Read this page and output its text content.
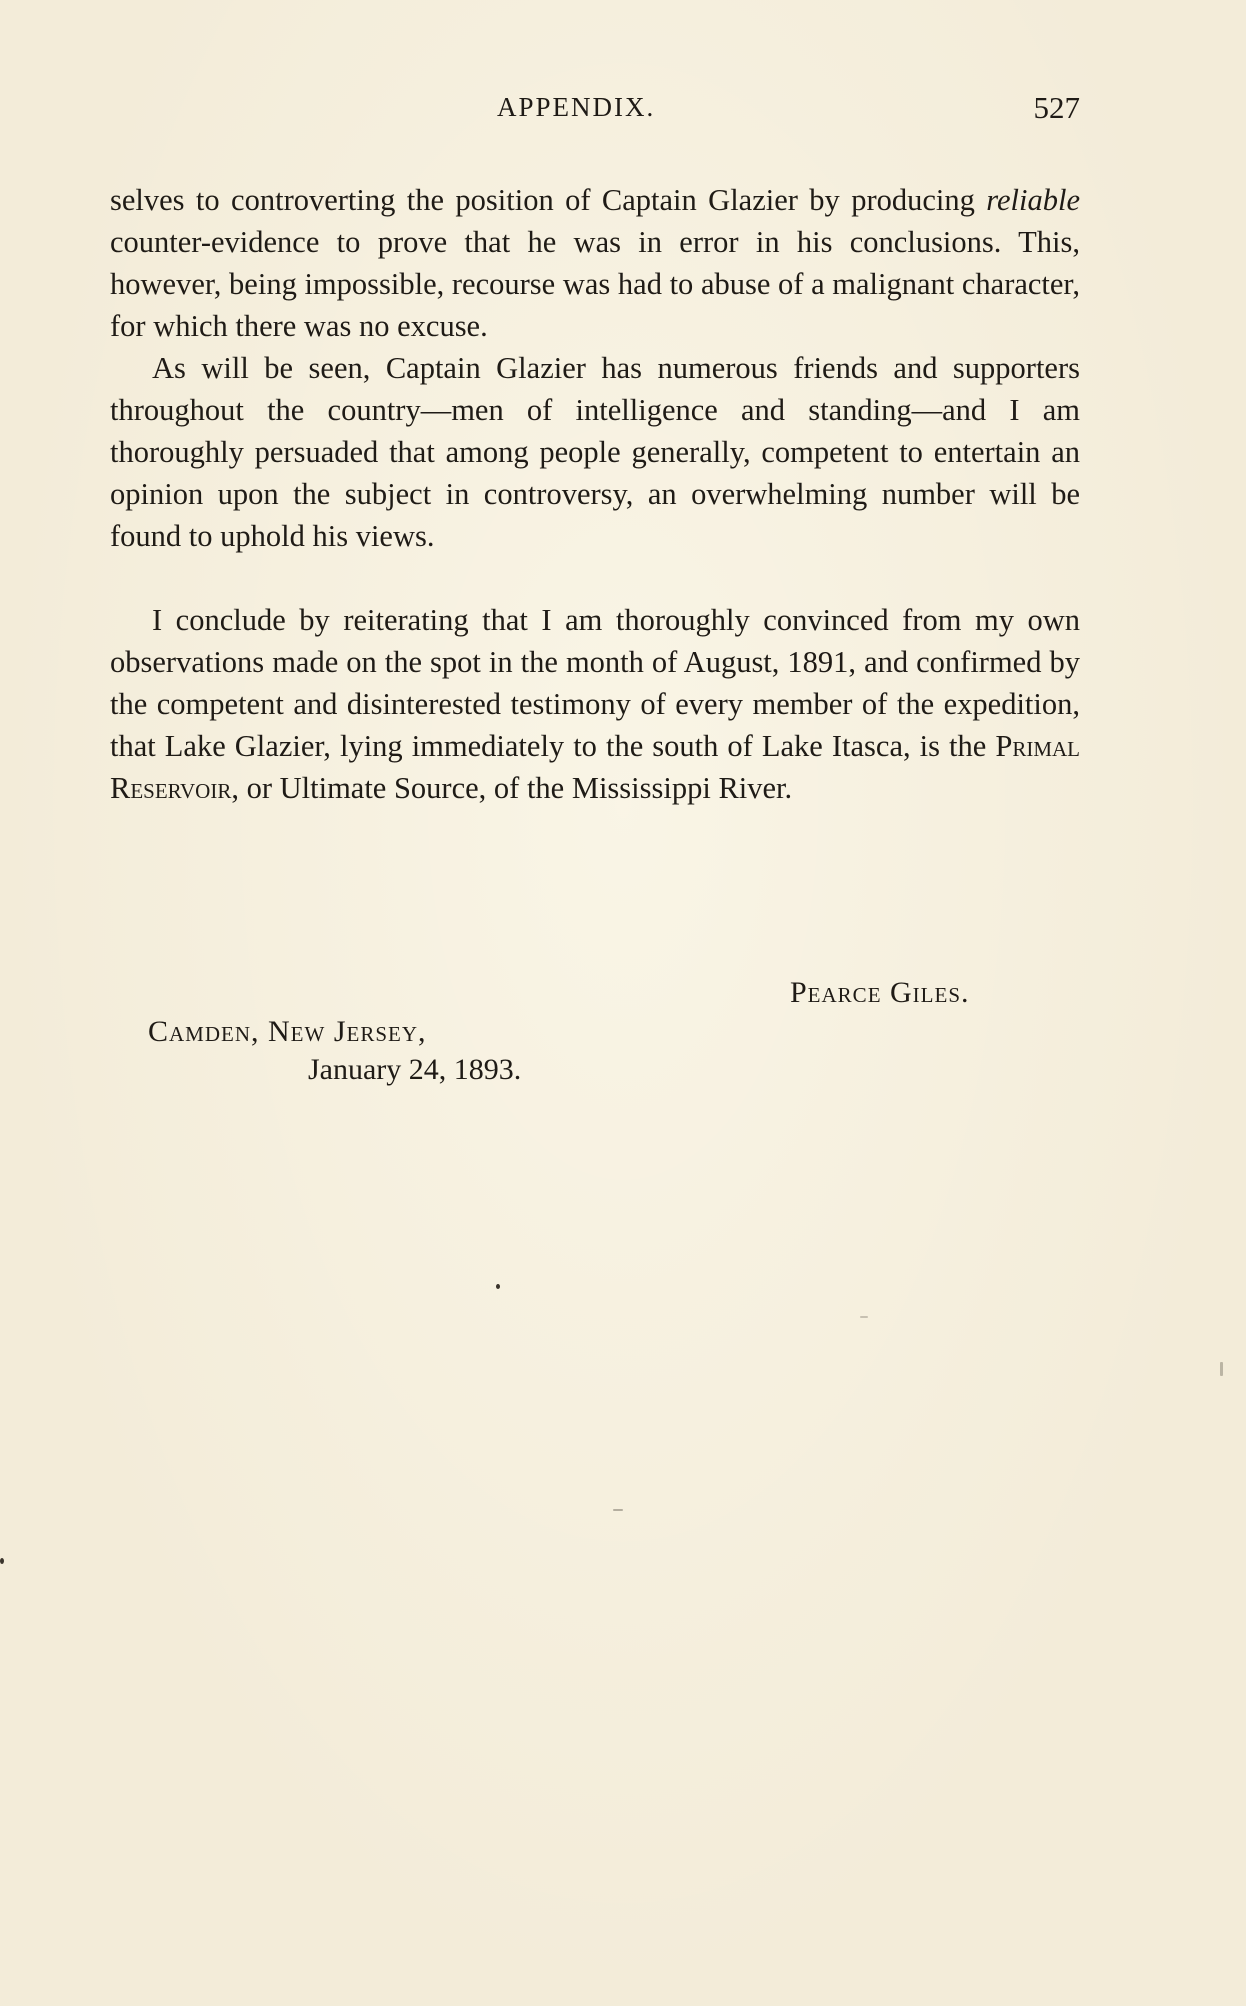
APPENDIX.	527

selves to controverting the position of Captain Glazier by producing reliable counter-evidence to prove that he was in error in his conclusions. This, however, being impossible, recourse was had to abuse of a malignant character, for which there was no excuse.

As will be seen, Captain Glazier has numerous friends and supporters throughout the country—men of intelligence and standing—and I am thoroughly persuaded that among people generally, competent to entertain an opinion upon the subject in controversy, an overwhelming number will be found to uphold his views.

I conclude by reiterating that I am thoroughly convinced from my own observations made on the spot in the month of August, 1891, and confirmed by the competent and disinterested testimony of every member of the expedition, that Lake Glazier, lying immediately to the south of Lake Itasca, is the Primal Reservoir, or Ultimate Source, of the Mississippi River.

Pearce Giles.
Camden, New Jersey,
January 24, 1893.
